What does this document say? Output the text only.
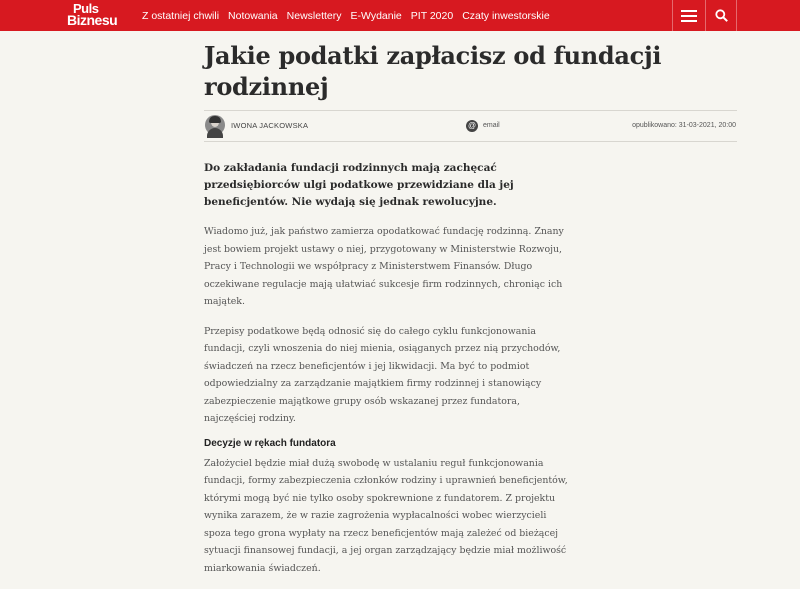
Puls
Biznesu Z ostatniej chwili Notowania Newslettery E-Wydanie PIT 2020 Czaty inwestorskie
Jakie podatki zapłacisz od fundacji rodzinnej
IWONA JACKOWSKA	@ email	opublikowano: 31-03-2021, 20:00

Do zakładania fundacji rodzinnych mają zachęcać przedsiębiorców ulgi podatkowe przewidziane dla jej beneficjentów. Nie wydają się jednak rewolucyjne.

Wiadomo już, jak państwo zamierza opodatkować fundację rodzinną. Znany jest bowiem projekt ustawy o niej, przygotowany w Ministerstwie Rozwoju, Pracy i Technologii we współpracy z Ministerstwem Finansów. Długo oczekiwane regulacje mają ułatwiać sukcesje firm rodzinnych, chroniąc ich majątek.

Przepisy podatkowe będą odnosić się do całego cyklu funkcjonowania fundacji, czyli wnoszenia do niej mienia, osiąganych przez nią przychodów, świadczeń na rzecz beneficjentów i jej likwidacji. Ma być to podmiot odpowiedzialny za zarządzanie majątkiem firmy rodzinnej i stanowiący zabezpieczenie majątkowe grupy osób wskazanej przez fundatora, najczęściej rodziny.

Decyzje w rękach fundatora

Założyciel będzie miał dużą swobodę w ustalaniu reguł funkcjonowania fundacji, formy zabezpieczenia członków rodziny i uprawnień beneficjentów, którymi mogą być nie tylko osoby spokrewnione z fundatorem. Z projektu wynika zarazem, że w razie zagrożenia wypłacalności wobec wierzycieli spoza tego grona wypłaty na rzecz beneficjentów mają zależeć od bieżącej sytuacji finansowej fundacji, a jej organ zarządzający będzie miał możliwość miarkowania świadczeń.
